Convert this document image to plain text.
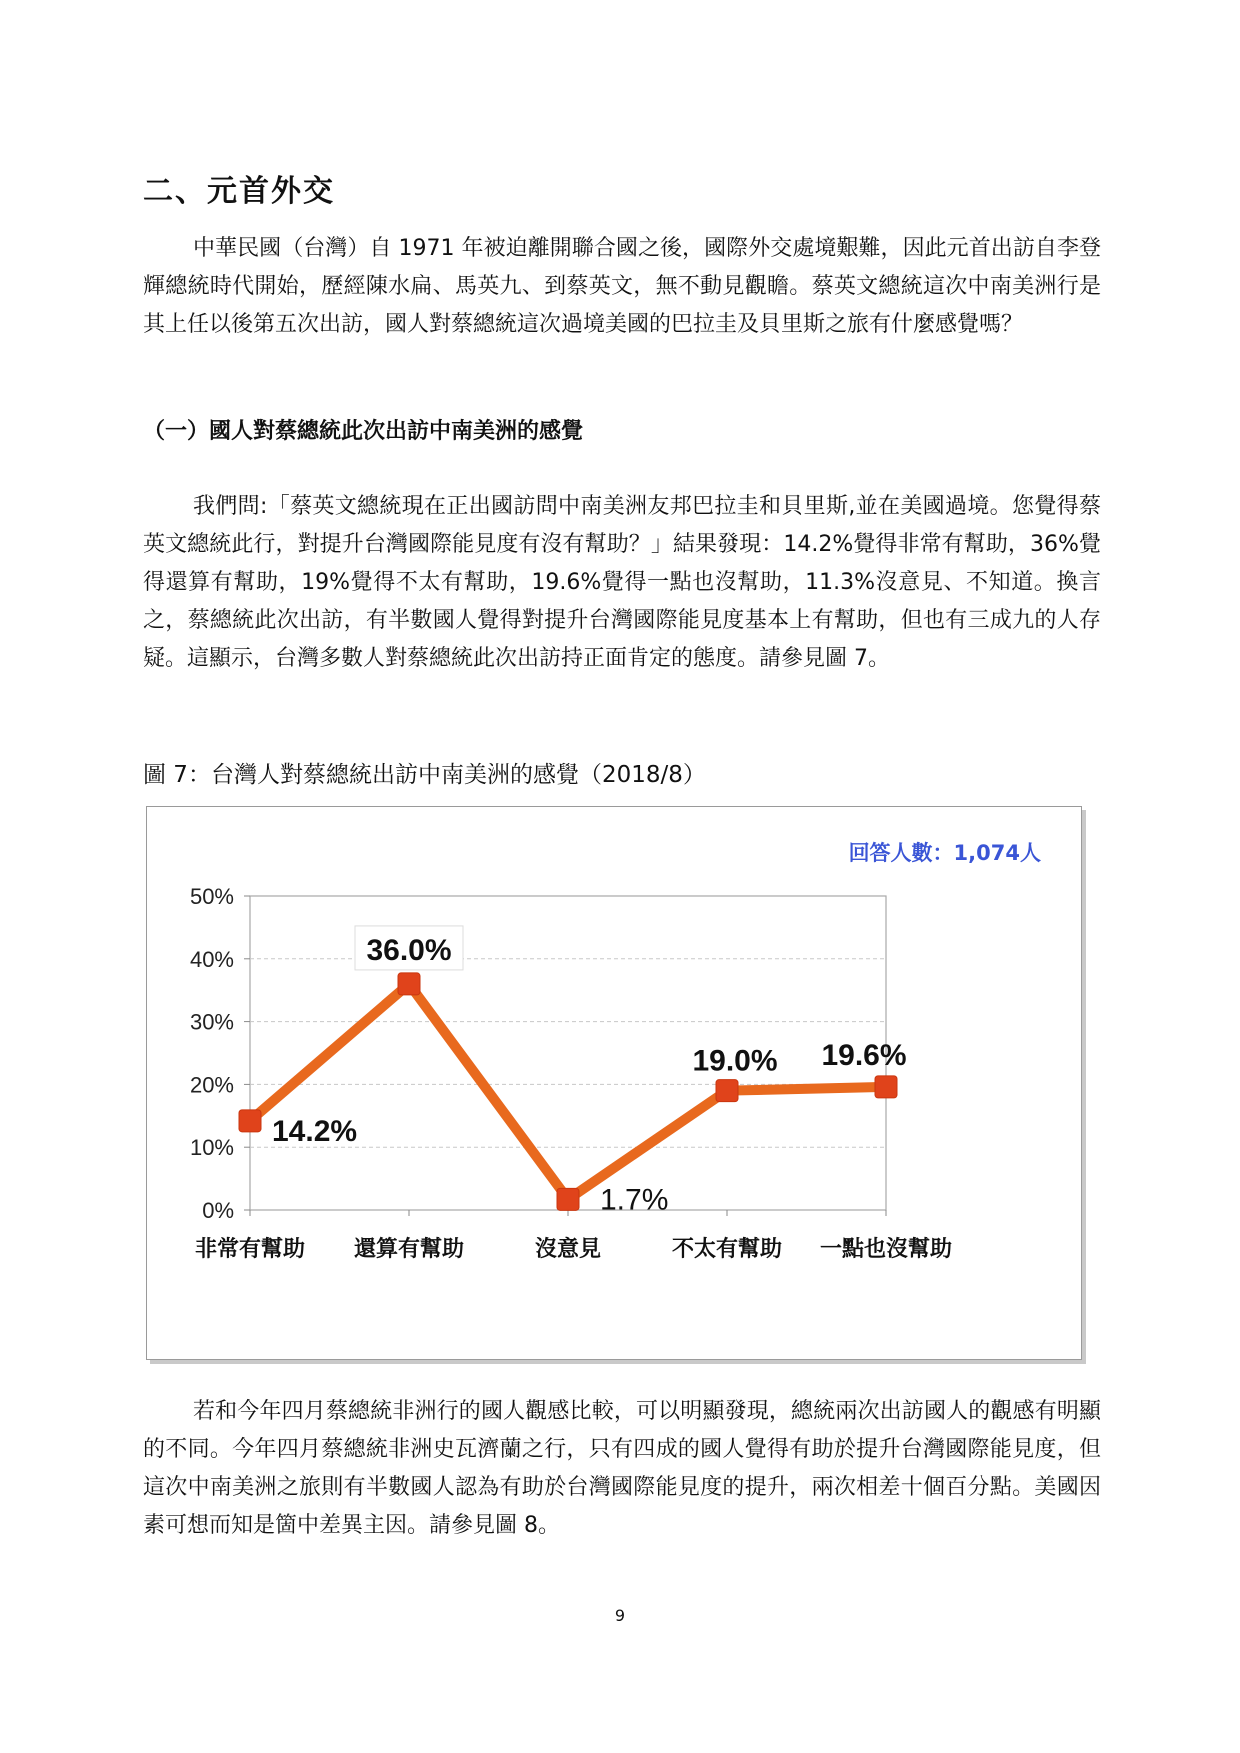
二、元首外交

中華民國（台灣）自 1971 年被迫離開聯合國之後，國際外交處境艱難，因此元首出訪自李登輝總統時代開始，歷經陳水扁、馬英九、到蔡英文，無不動見觀瞻。蔡英文總統這次中南美洲行是其上任以後第五次出訪，國人對蔡總統這次過境美國的巴拉圭及貝里斯之旅有什麼感覺嗎？

（一）國人對蔡總統此次出訪中南美洲的感覺

我們問:「蔡英文總統現在正出國訪問中南美洲友邦巴拉圭和貝里斯,並在美國過境。您覺得蔡英文總統此行，對提升台灣國際能見度有沒有幫助？」結果發現：14.2%覺得非常有幫助，36%覺得還算有幫助，19%覺得不太有幫助，19.6%覺得一點也沒幫助，11.3%沒意見、不知道。換言之，蔡總統此次出訪，有半數國人覺得對提升台灣國際能見度基本上有幫助，但也有三成九的人存疑。這顯示，台灣多數人對蔡總統此次出訪持正面肯定的態度。請參見圖 7。

圖 7：台灣人對蔡總統出訪中南美洲的感覺（2018/8）
0%
10%
20%
30%
40%
50%
非常有幫助 還算有幫助	沒意見	不太有幫助 一點也沒幫助
14.2%
36.0%
1.7%
19.0% 19.6%
回答人數：1,074人

若和今年四月蔡總統非洲行的國人觀感比較，可以明顯發現，總統兩次出訪國人的觀感有明顯的不同。今年四月蔡總統非洲史瓦濟蘭之行，只有四成的國人覺得有助於提升台灣國際能見度，但這次中南美洲之旅則有半數國人認為有助於台灣國際能見度的提升，兩次相差十個百分點。美國因素可想而知是箇中差異主因。請參見圖 8。

9
